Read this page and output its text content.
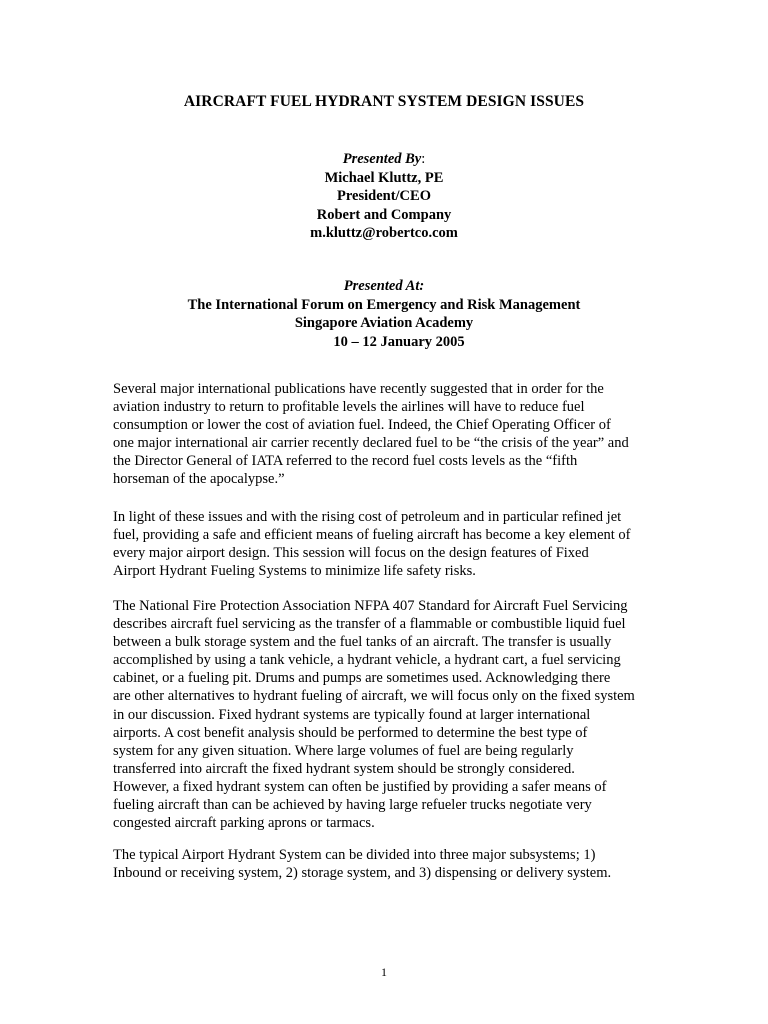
AIRCRAFT FUEL HYDRANT SYSTEM DESIGN ISSUES
Presented By:
Michael Kluttz, PE
President/CEO
Robert and Company
m.kluttz@robertco.com
Presented At:
The International Forum on Emergency and Risk Management
Singapore Aviation Academy
10 – 12 January 2005
Several major international publications have recently suggested that in order for the
aviation industry to return to profitable levels the airlines will have to reduce fuel
consumption or lower the cost of aviation fuel. Indeed, the Chief Operating Officer of
one major international air carrier recently declared fuel to be “the crisis of the year” and
the Director General of IATA referred to the record fuel costs levels as the “fifth
horseman of the apocalypse.”
In light of these issues and with the rising cost of petroleum and in particular refined jet
fuel, providing a safe and efficient means of fueling aircraft has become a key element of
every major airport design. This session will focus on the design features of Fixed
Airport Hydrant Fueling Systems to minimize life safety risks.
The National Fire Protection Association NFPA 407 Standard for Aircraft Fuel Servicing
describes aircraft fuel servicing as the transfer of a flammable or combustible liquid fuel
between a bulk storage system and the fuel tanks of an aircraft. The transfer is usually
accomplished by using a tank vehicle, a hydrant vehicle, a hydrant cart, a fuel servicing
cabinet, or a fueling pit. Drums and pumps are sometimes used. Acknowledging there
are other alternatives to hydrant fueling of aircraft, we will focus only on the fixed system
in our discussion. Fixed hydrant systems are typically found at larger international
airports. A cost benefit analysis should be performed to determine the best type of
system for any given situation. Where large volumes of fuel are being regularly
transferred into aircraft the fixed hydrant system should be strongly considered.
However, a fixed hydrant system can often be justified by providing a safer means of
fueling aircraft than can be achieved by having large refueler trucks negotiate very
congested aircraft parking aprons or tarmacs.
The typical Airport Hydrant System can be divided into three major subsystems; 1)
Inbound or receiving system, 2) storage system, and 3) dispensing or delivery system.
1
